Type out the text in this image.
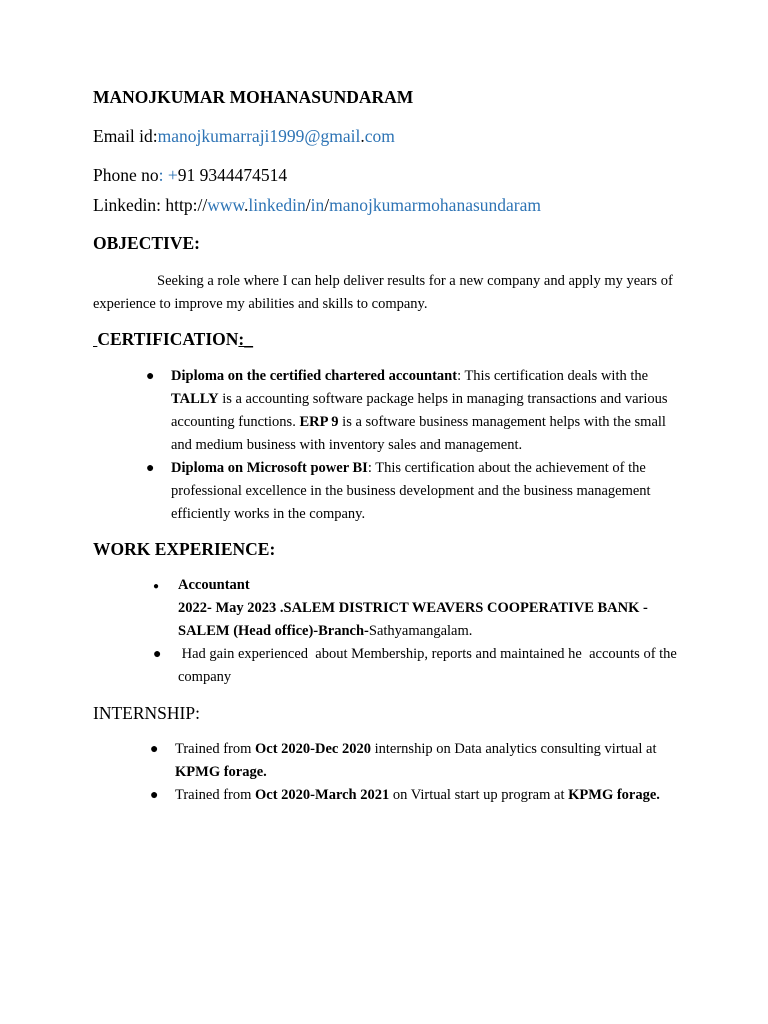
MANOJKUMAR MOHANASUNDARAM
Email id:manojkumarraji1999@gmail.com
Phone no: +91 9344474514
Linkedin: http://www.linkedin/in/manojkumarmohanasundaram
OBJECTIVE:
Seeking a role where I can help deliver results for a new company and apply my years of experience to improve my abilities and skills to company.
CERTIFICATION:_
● Diploma on the certified chartered accountant: This certification deals with the TALLY is a accounting software package helps in managing transactions and various accounting functions. ERP 9 is a software business management helps with the small and medium business with inventory sales and management.
● Diploma on Microsoft power BI: This certification about the achievement of the professional excellence in the business development and the business management efficiently works in the company.
WORK EXPERIENCE:
● Accountant
2022- May 2023 .SALEM DISTRICT WEAVERS COOPERATIVE BANK -SALEM (Head office)-Branch-Sathyamangalam.
● Had gain experienced  about Membership, reports and maintained he  accounts of the company
INTERNSHIP:
● Trained from Oct 2020-Dec 2020 internship on Data analytics consulting virtual at KPMG forage.
● Trained from Oct 2020-March 2021 on Virtual start up program at KPMG forage.
